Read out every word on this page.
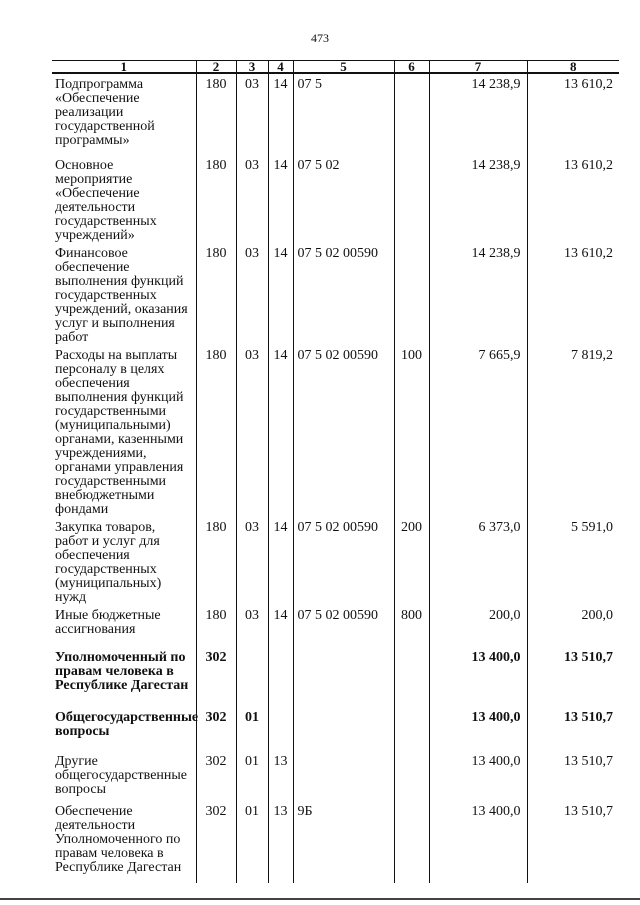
473
1	2	3	4	5	6	7	8
Подпрограмма «Обеспечение реализации государственной программы»	180	03	14	07 5		14 238,9	13 610,2
Основное мероприятие «Обеспечение деятельности государственных учреждений»	180	03	14	07 5 02		14 238,9	13 610,2
Финансовое обеспечение выполнения функций государственных учреждений, оказания услуг и выполнения работ	180	03	14	07 5 02 00590		14 238,9	13 610,2
Расходы на выплаты персоналу в целях обеспечения выполнения функций государственными (муниципальными) органами, казенными учреждениями, органами управления государственными внебюджетными фондами	180	03	14	07 5 02 00590	100	7 665,9	7 819,2
Закупка товаров, работ и услуг для обеспечения государственных (муниципальных) нужд	180	03	14	07 5 02 00590	200	6 373,0	5 591,0
Иные бюджетные ассигнования	180	03	14	07 5 02 00590	800	200,0	200,0
Уполномоченный по правам человека в Республике Дагестан	302					13 400,0	13 510,7
Общегосударственные вопросы	302	01				13 400,0	13 510,7
Другие общегосударственные вопросы	302	01	13			13 400,0	13 510,7
Обеспечение деятельности Уполномоченного по правам человека в Республике Дагестан	302	01	13	9Б		13 400,0	13 510,7
